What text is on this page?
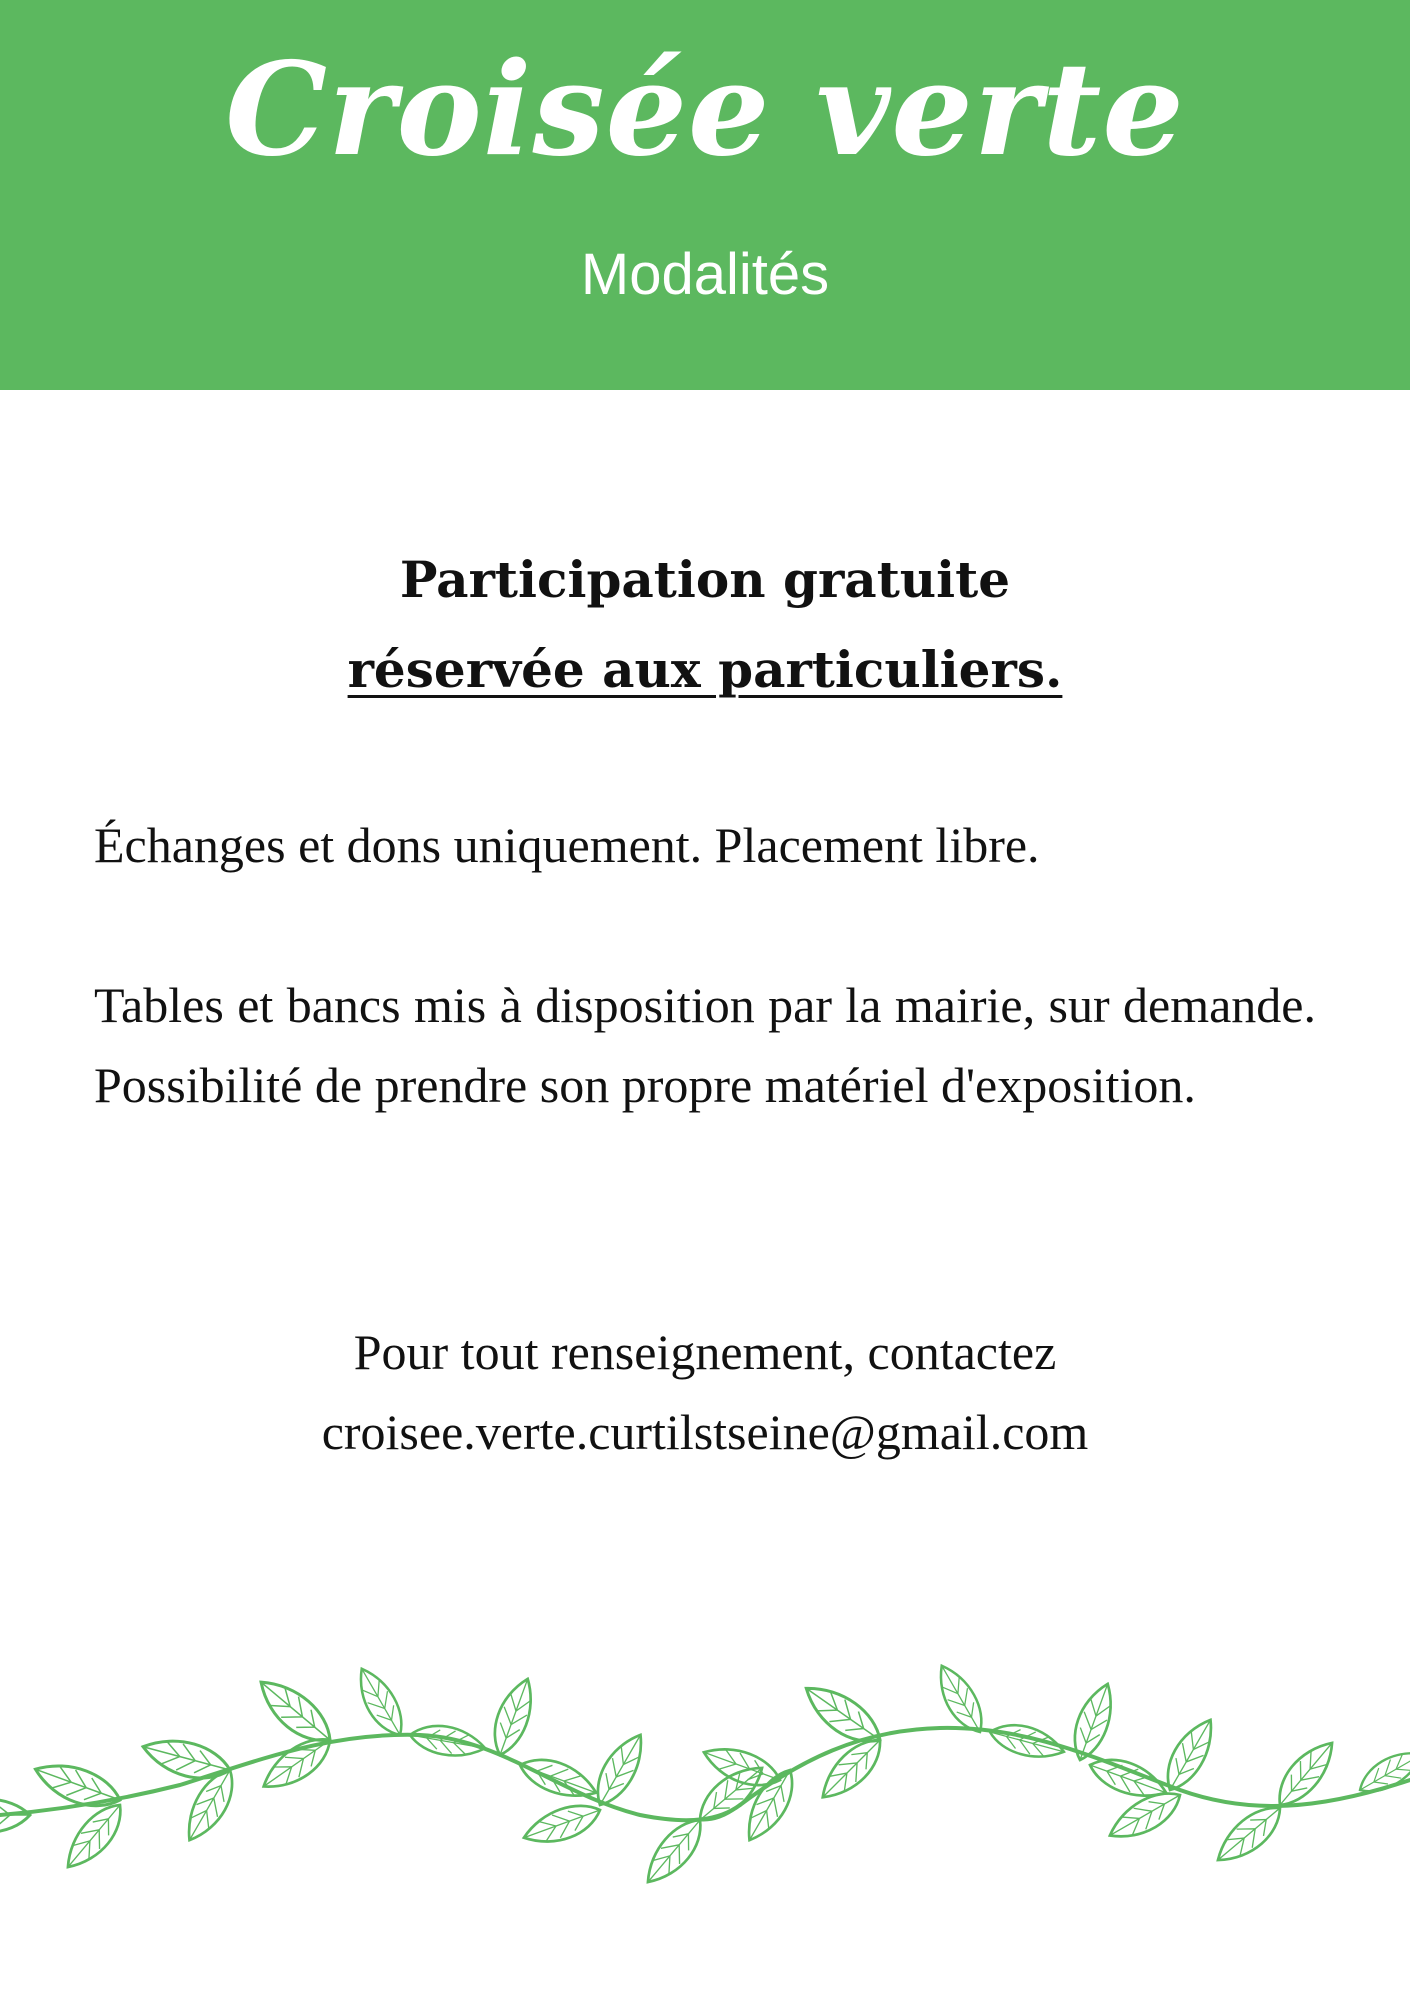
Croisée verte
Modalités
Participation gratuite
réservée aux particuliers.
Échanges et dons uniquement. Placement libre.
Tables et bancs mis à disposition par la mairie, sur demande. Possibilité de prendre son propre matériel d'exposition.
Pour tout renseignement, contactez
croisee.verte.curtilstseine@gmail.com
